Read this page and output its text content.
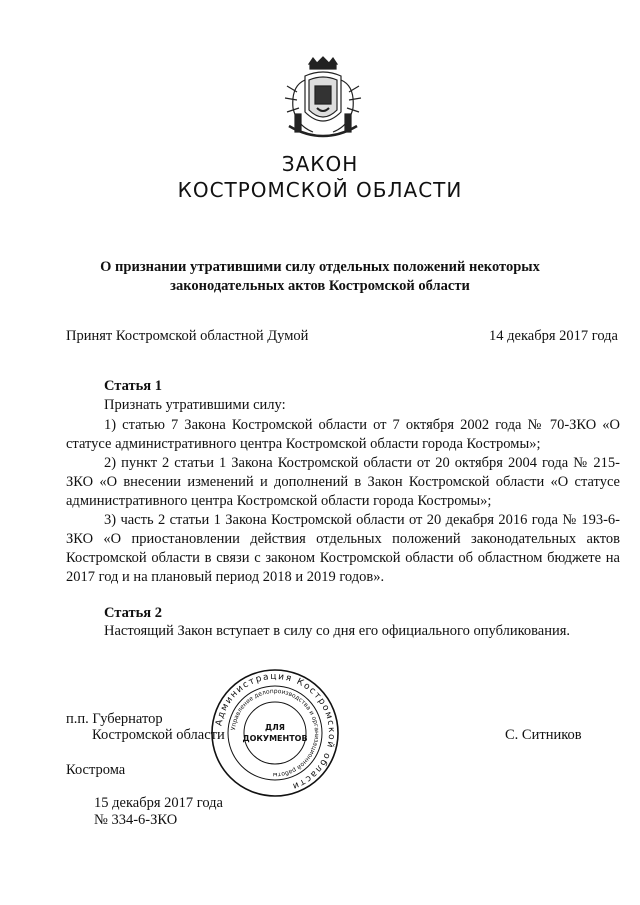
ЗАКОН
КОСТРОМСКОЙ ОБЛАСТИ
О признании утратившими силу отдельных положений некоторых
законодательных актов Костромской области
Принят Костромской областной Думой	14 декабря 2017 года
Статья 1
Признать утратившими силу:
1) статью 7 Закона Костромской области от 7 октября 2002 года № 70-ЗКО «О статусе административного центра Костромской области города Костромы»;
2) пункт 2 статьи 1 Закона Костромской области от 20 октября 2004 года № 215-ЗКО «О внесении изменений и дополнений в Закон Костромской области «О статусе административного центра Костромской области города Костромы»;
3) часть 2 статьи 1 Закона Костромской области от 20 декабря 2016 года № 193-6-ЗКО «О приостановлении действия отдельных положений законодательных актов Костромской области в связи с законом Костромской области об областном бюджете на 2017 год и на плановый период 2018 и 2019 годов».
Статья 2
Настоящий Закон вступает в силу со дня его официального опубликования.
п.п. Губернатор
Костромской области	С. Ситников
Администрация Костромской области
Управление делопроизводства и организационной работы
ДЛЯ
ДОКУМЕНТОВ
Кострома
15 декабря 2017 года
№ 334-6-ЗКО
